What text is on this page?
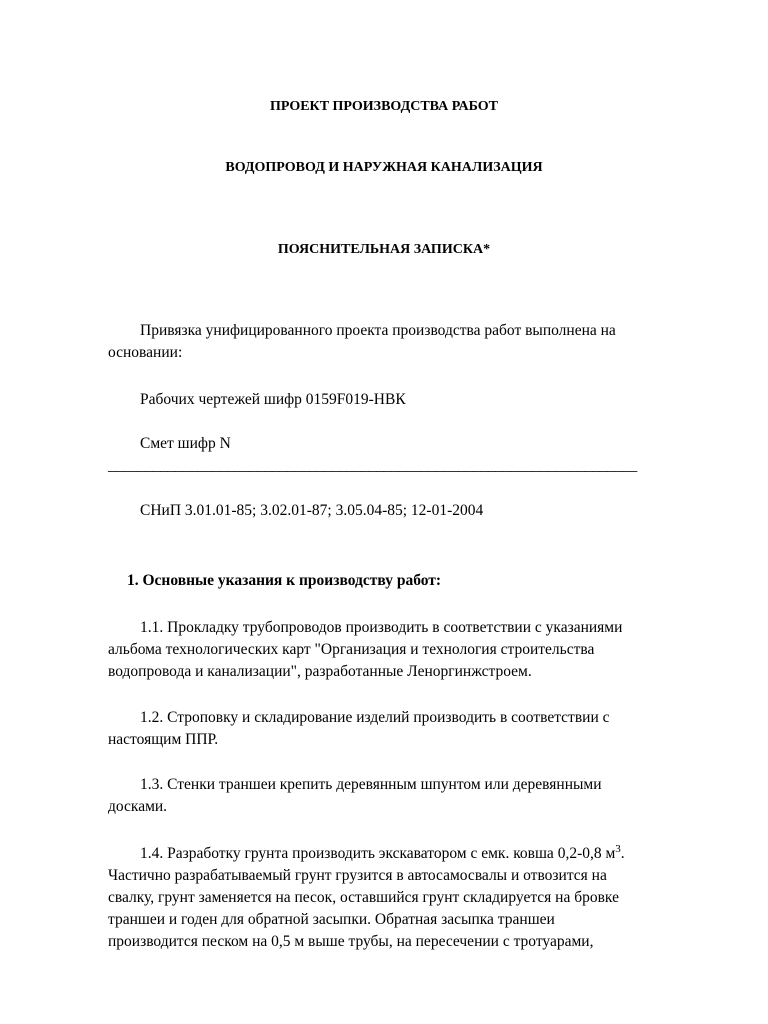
ПРОЕКТ ПРОИЗВОДСТВА РАБОТ

ВОДОПРОВОД И НАРУЖНАЯ КАНАЛИЗАЦИЯ

ПОЯСНИТЕЛЬНАЯ ЗАПИСКА*

Привязка унифицированного проекта производства работ выполнена на

основании:

Рабочих чертежей шифр 0159F019-НВК

Смет шифр N

_______________________________________________________________________

СНиП 3.01.01-85; 3.02.01-87; 3.05.04-85; 12-01-2004

1. Основные указания к производству работ:

1.1. Прокладку трубопроводов производить в соответствии с указаниями

альбома технологических карт "Организация и технология строительства

водопровода и канализации", разработанные Леноргинжстроем.

1.2. Строповку и складирование изделий производить в соответствии с

настоящим ППР.

1.3. Стенки траншеи крепить деревянным шпунтом или деревянными

досками.

1.4. Разработку грунта производить экскаватором с емк. ковша 0,2-0,8 $м^3$.

Частично разрабатываемый грунт грузится в автосамосвалы и отвозится на

свалку, грунт заменяется на песок, оставшийся грунт складируется на бровке

траншеи и годен для обратной засыпки. Обратная засыпка траншеи

производится песком на 0,5 м выше трубы, на пересечении с тротуарами,
